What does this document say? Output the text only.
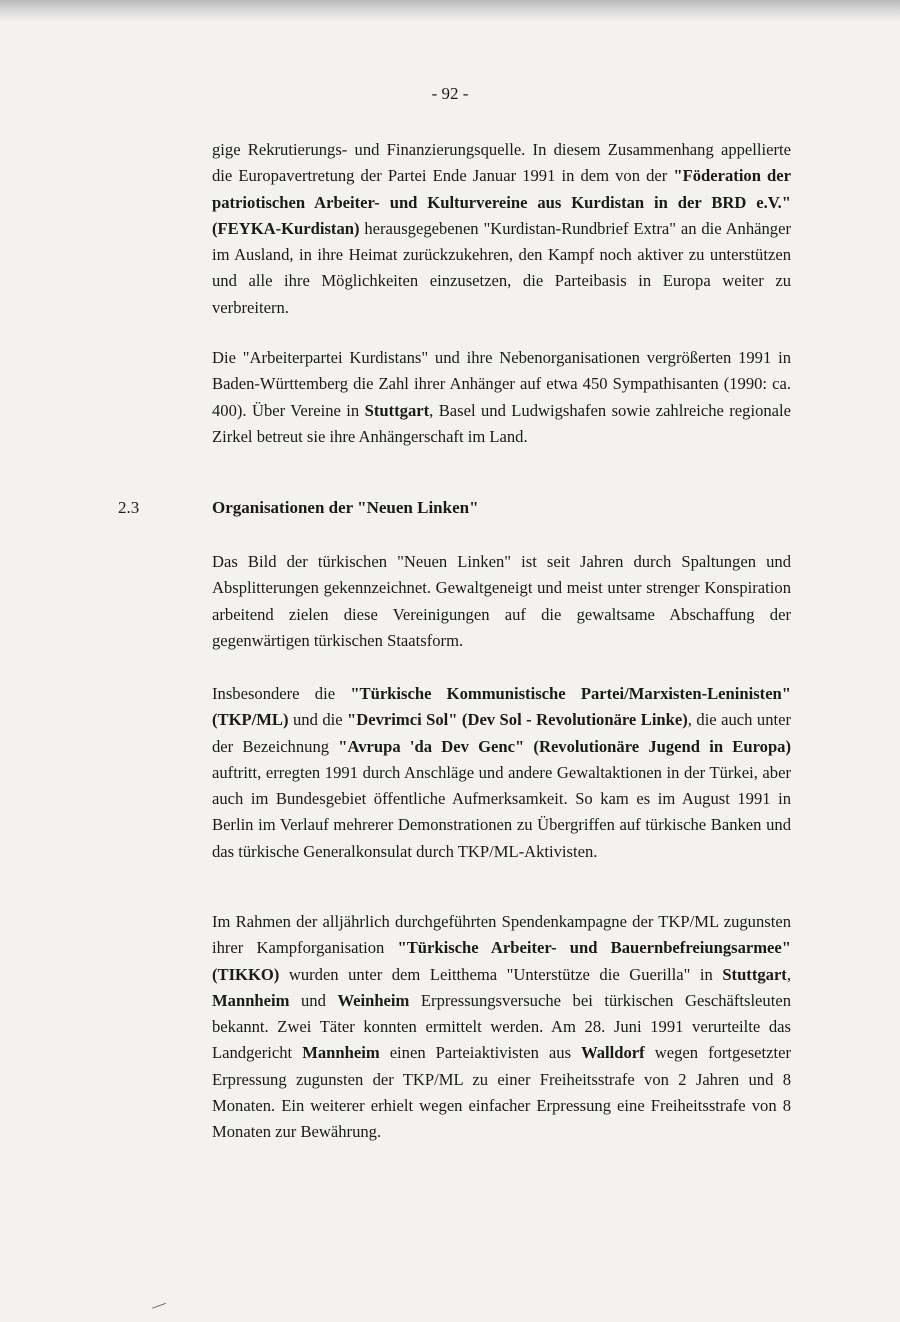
- 92 -

gige Rekrutierungs- und Finanzierungsquelle. In diesem Zusammenhang appellierte die Europavertretung der Partei Ende Januar 1991 in dem von der "Föderation der patriotischen Arbeiter- und Kulturvereine aus Kurdistan in der BRD e.V." (FEYKA-Kurdistan) herausgegebenen "Kurdistan-Rundbrief Extra" an die Anhänger im Ausland, in ihre Heimat zurückzukehren, den Kampf noch aktiver zu unterstützen und alle ihre Möglichkeiten einzusetzen, die Parteibasis in Europa weiter zu verbreitern.

Die "Arbeiterpartei Kurdistans" und ihre Nebenorganisationen vergrößerten 1991 in Baden-Württemberg die Zahl ihrer Anhänger auf etwa 450 Sympathisanten (1990: ca. 400). Über Vereine in Stuttgart, Basel und Ludwigshafen sowie zahlreiche regionale Zirkel betreut sie ihre Anhängerschaft im Land.

2.3	Organisationen der "Neuen Linken"

Das Bild der türkischen "Neuen Linken" ist seit Jahren durch Spaltungen und Absplitterungen gekennzeichnet. Gewaltgeneigt und meist unter strenger Konspiration arbeitend zielen diese Vereinigungen auf die gewaltsame Abschaffung der gegenwärtigen türkischen Staatsform.

Insbesondere die "Türkische Kommunistische Partei/Marxisten-Leninisten" (TKP/ML) und die "Devrimci Sol" (Dev Sol - Revolutionäre Linke), die auch unter der Bezeichnung "Avrupa 'da Dev Genc" (Revolutionäre Jugend in Europa) auftritt, erregten 1991 durch Anschläge und andere Gewaltaktionen in der Türkei, aber auch im Bundesgebiet öffentliche Aufmerksamkeit. So kam es im August 1991 in Berlin im Verlauf mehrerer Demonstrationen zu Übergriffen auf türkische Banken und das türkische Generalkonsulat durch TKP/ML-Aktivisten.

Im Rahmen der alljährlich durchgeführten Spendenkampagne der TKP/ML zugunsten ihrer Kampforganisation "Türkische Arbeiter- und Bauernbefreiungsarmee" (TIKKO) wurden unter dem Leitthema "Unterstütze die Guerilla" in Stuttgart, Mannheim und Weinheim Erpressungsversuche bei türkischen Geschäftsleuten bekannt. Zwei Täter konnten ermittelt werden. Am 28. Juni 1991 verurteilte das Landgericht Mannheim einen Parteiaktivisten aus Walldorf wegen fortgesetzter Erpressung zugunsten der TKP/ML zu einer Freiheitsstrafe von 2 Jahren und 8 Monaten. Ein weiterer erhielt wegen einfacher Erpressung eine Freiheitsstrafe von 8 Monaten zur Bewährung.

—
